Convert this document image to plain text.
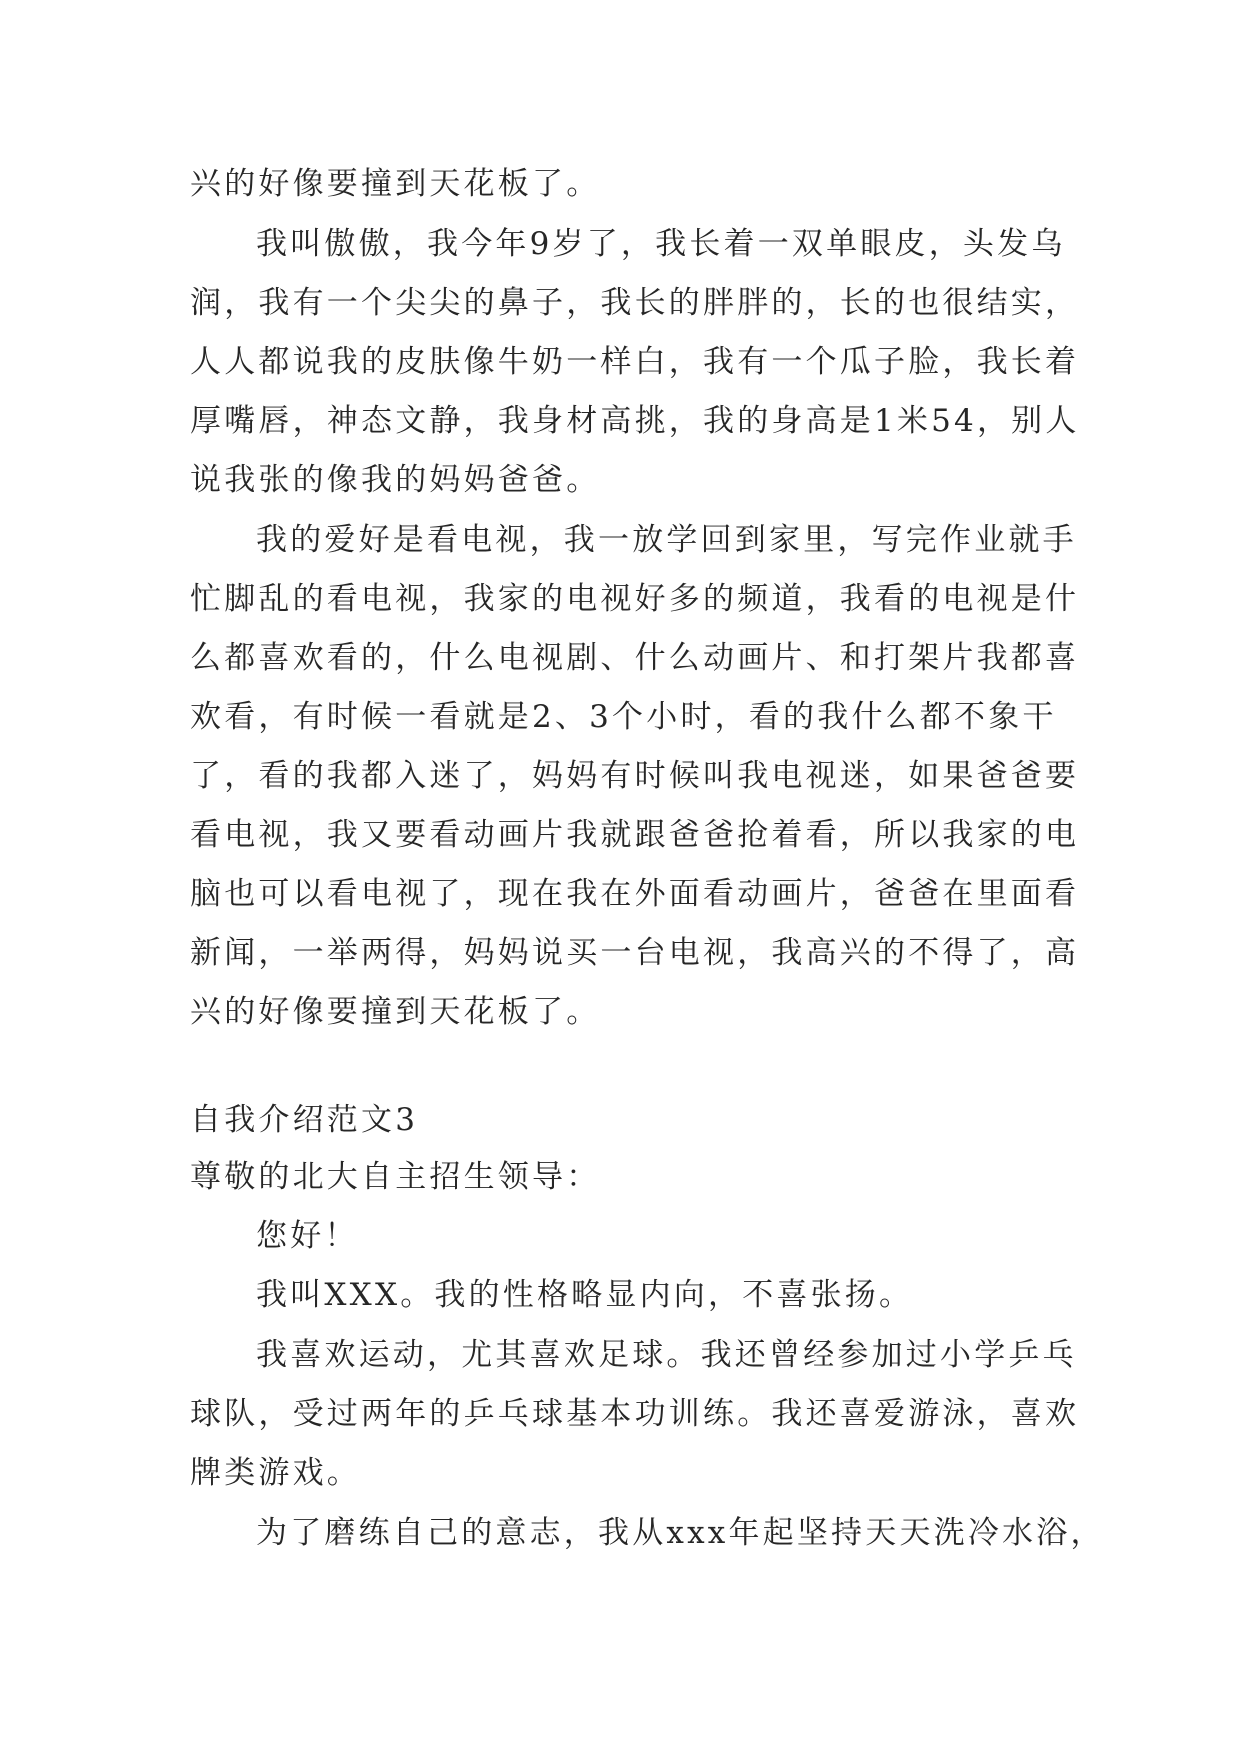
兴的好像要撞到天花板了。
我叫傲傲，我今年9岁了，我长着一双单眼皮，头发乌
润，我有一个尖尖的鼻子，我长的胖胖的，长的也很结实，
人人都说我的皮肤像牛奶一样白，我有一个瓜子脸，我长着
厚嘴唇，神态文静，我身材高挑，我的身高是1米54，别人
说我张的像我的妈妈爸爸。
我的爱好是看电视，我一放学回到家里，写完作业就手
忙脚乱的看电视，我家的电视好多的频道，我看的电视是什
么都喜欢看的，什么电视剧、什么动画片、和打架片我都喜
欢看，有时候一看就是2、3个小时，看的我什么都不象干
了，看的我都入迷了，妈妈有时候叫我电视迷，如果爸爸要
看电视，我又要看动画片我就跟爸爸抢着看，所以我家的电
脑也可以看电视了，现在我在外面看动画片，爸爸在里面看
新闻，一举两得，妈妈说买一台电视，我高兴的不得了，高
兴的好像要撞到天花板了。
自我介绍范文3
尊敬的北大自主招生领导：
您好！
我叫XXX。我的性格略显内向，不喜张扬。
我喜欢运动，尤其喜欢足球。我还曾经参加过小学乒乓
球队，受过两年的乒乓球基本功训练。我还喜爱游泳，喜欢
牌类游戏。
为了磨练自己的意志，我从xxx年起坚持天天洗冷水浴，
